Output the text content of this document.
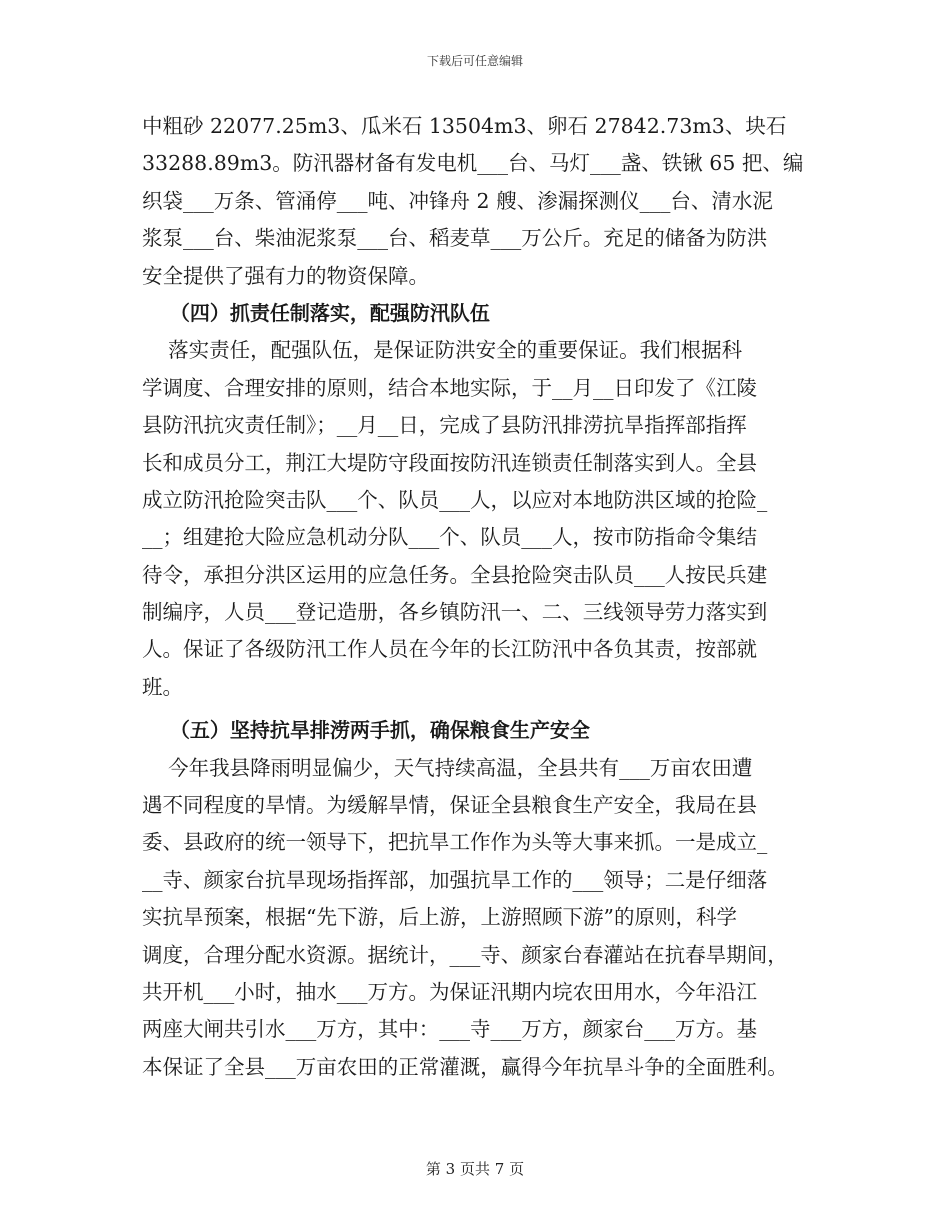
下载后可任意编辑
中粗砂 22077.25m3、瓜米石 13504m3、卵石 27842.73m3、块石
33288.89m3。防汛器材备有发电机___台、马灯___盏、铁锹 65 把、编
织袋___万条、管涌停___吨、冲锋舟 2 艘、渗漏探测仪___台、清水泥
浆泵___台、柴油泥浆泵___台、稻麦草___万公斤。充足的储备为防洪
安全提供了强有力的物资保障。
（四）抓责任制落实，配强防汛队伍
落实责任，配强队伍，是保证防洪安全的重要保证。我们根据科
学调度、合理安排的原则，结合本地实际，于__月__日印发了《江陵
县防汛抗灾责任制》；__月__日，完成了县防汛排涝抗旱指挥部指挥
长和成员分工，荆江大堤防守段面按防汛连锁责任制落实到人。全县
成立防汛抢险突击队___个、队员___人，以应对本地防洪区域的抢险_
__；组建抢大险应急机动分队___个、队员___人，按市防指命令集结
待令，承担分洪区运用的应急任务。全县抢险突击队员___人按民兵建
制编序，人员___登记造册，各乡镇防汛一、二、三线领导劳力落实到
人。保证了各级防汛工作人员在今年的长江防汛中各负其责，按部就
班。
（五）坚持抗旱排涝两手抓，确保粮食生产安全
今年我县降雨明显偏少，天气持续高温，全县共有___万亩农田遭
遇不同程度的旱情。为缓解旱情，保证全县粮食生产安全，我局在县
委、县政府的统一领导下，把抗旱工作作为头等大事来抓。一是成立_
__寺、颜家台抗旱现场指挥部，加强抗旱工作的___领导；二是仔细落
实抗旱预案，根据“先下游，后上游，上游照顾下游”的原则，科学
调度，合理分配水资源。据统计，___寺、颜家台春灌站在抗春旱期间，
共开机___小时，抽水___万方。为保证汛期内垸农田用水，今年沿江
两座大闸共引水___万方，其中：___寺___万方，颜家台___万方。基
本保证了全县___万亩农田的正常灌溉，赢得今年抗旱斗争的全面胜利。
第 3 页共 7 页
